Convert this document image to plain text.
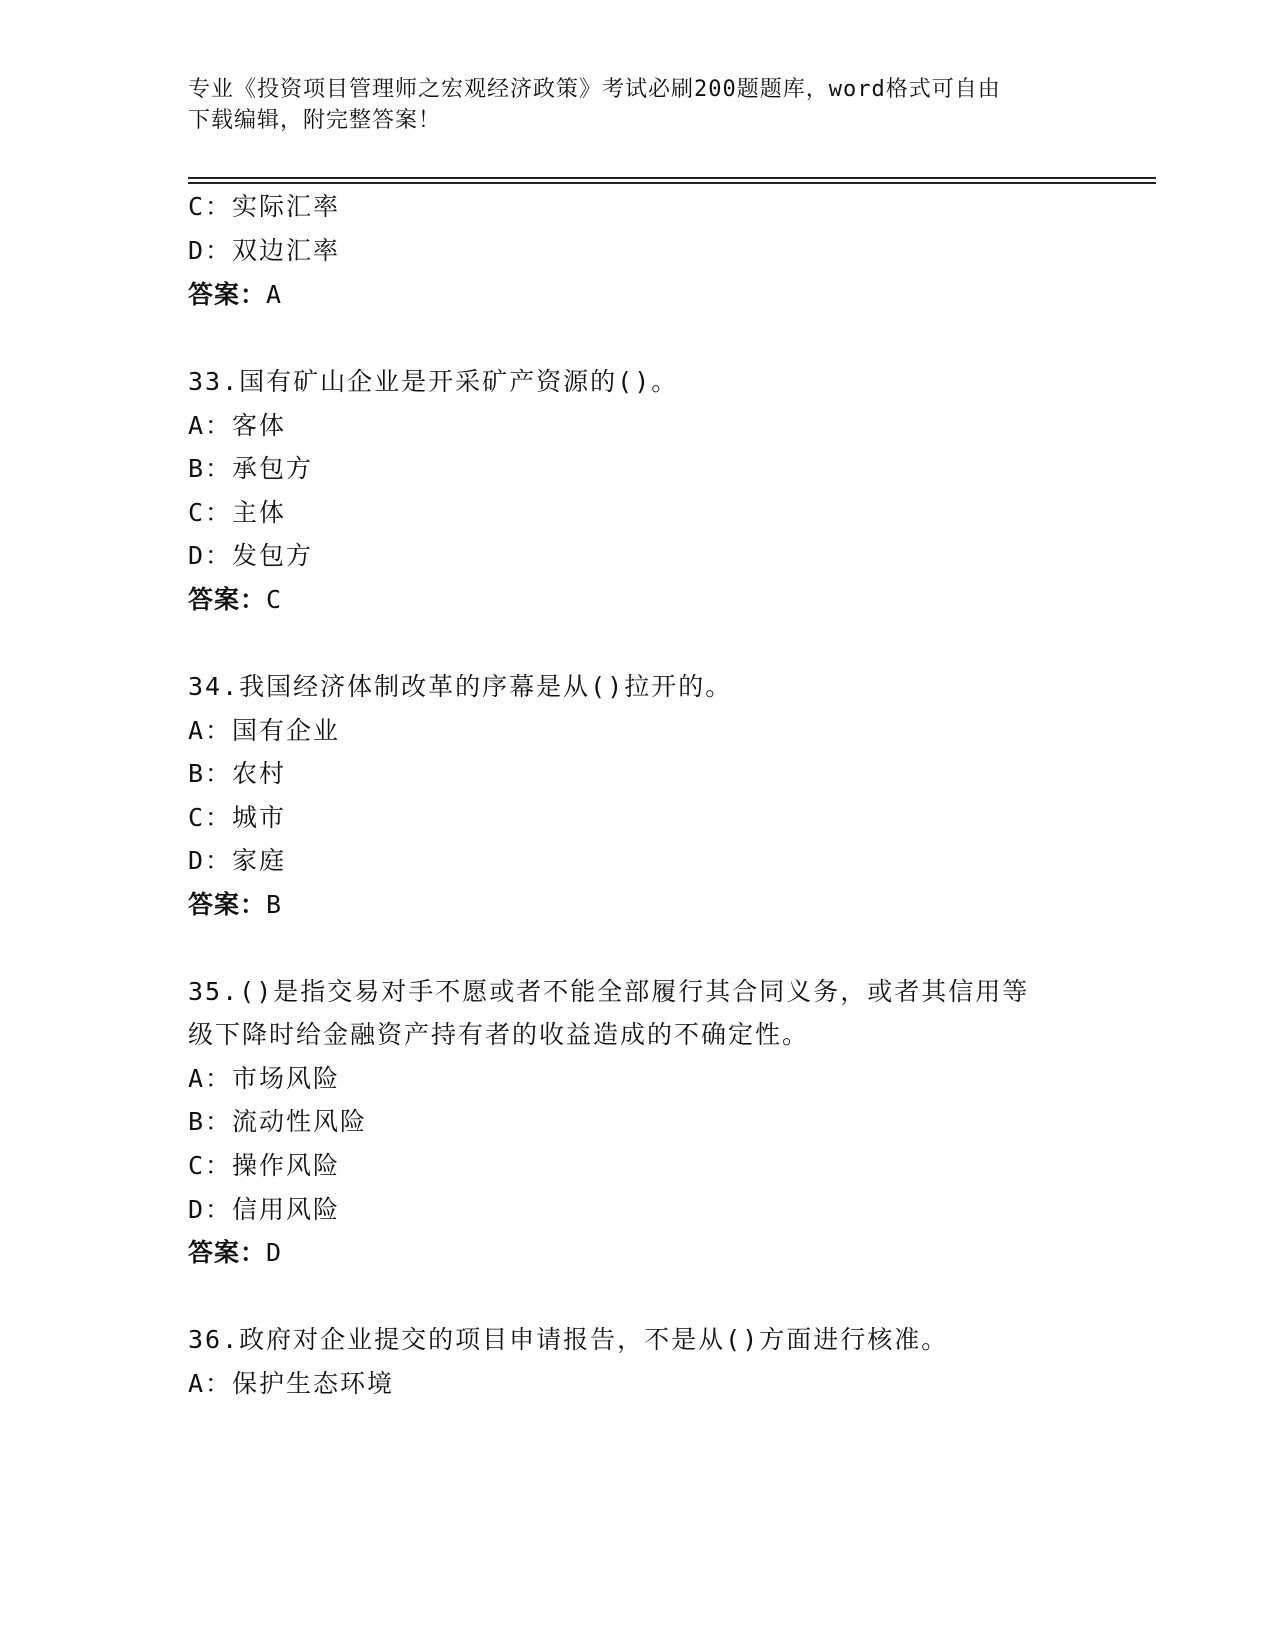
专业《投资项目管理师之宏观经济政策》考试必刷200题题库，word格式可自由
下载编辑，附完整答案！
C：实际汇率
D：双边汇率
答案：A
33.国有矿山企业是开采矿产资源的()。
A：客体
B：承包方
C：主体
D：发包方
答案：C
34.我国经济体制改革的序幕是从()拉开的。
A：国有企业
B：农村
C：城市
D：家庭
答案：B
35.()是指交易对手不愿或者不能全部履行其合同义务，或者其信用等
级下降时给金融资产持有者的收益造成的不确定性。
A：市场风险
B：流动性风险
C：操作风险
D：信用风险
答案：D
36.政府对企业提交的项目申请报告，不是从()方面进行核准。
A：保护生态环境
